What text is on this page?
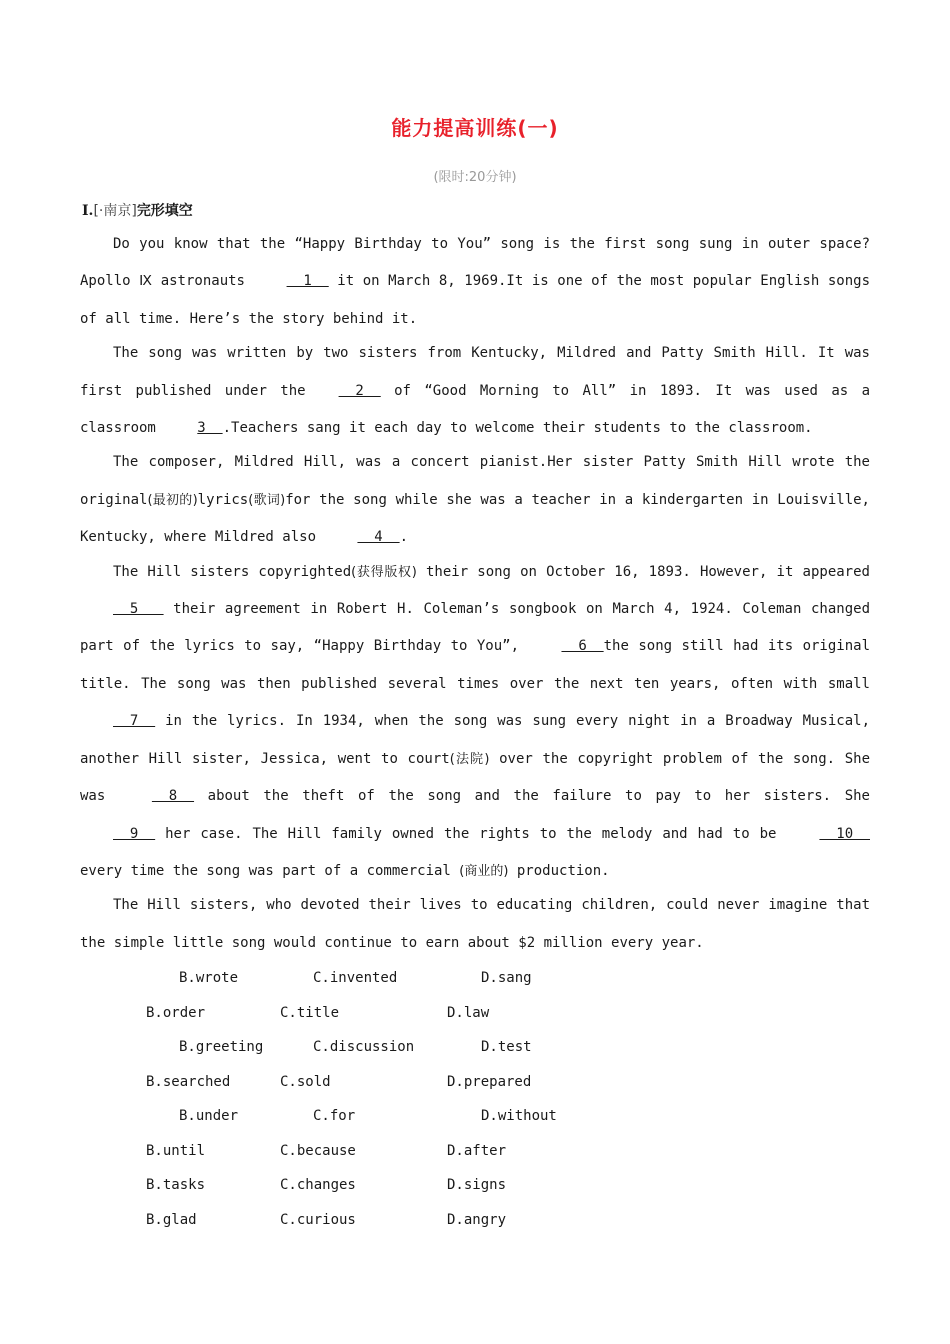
能力提高训练(一)
(限时:20分钟)
Ⅰ.[·南京]完形填空

Do you know that the “Happy Birthday to You” song is the first song sung in outer space? Apollo Ⅸ astronauts   1   it on March 8, 1969.It is one of the most popular English songs of all time. Here’s the story behind it.

The song was written by two sisters from Kentucky, Mildred and Patty Smith Hill. It was first published under the  2   of “Good Morning to All” in 1893. It was used as a classroom 3  .Teachers sang it each day to welcome their students to the classroom.

The composer, Mildred Hill, was a concert pianist.Her sister Patty Smith Hill wrote the original(最初的)lyrics(歌词)for the song while she was a teacher in a kindergarten in Louisville, Kentucky, where Mildred also   4  .

The Hill sisters copyrighted(获得版权) their song on October 16, 1893. However, it appeared   5    their agreement in Robert H. Coleman’s songbook on March 4, 1924. Coleman changed part of the lyrics to say, “Happy Birthday to You”,   6  the song still had its original title. The song was then published several times over the next ten years, often with small   7   in the lyrics. In 1934, when the song was sung every night in a Broadway Musical, another Hill sister, Jessica, went to court(法院) over the copyright problem of the song. She was   8   about the theft of the song and the failure to pay to her sisters. She   9   her case. The Hill family owned the rights to the melody and had to be   10  every time the song was part of a commercial (商业的) production.

The Hill sisters, who devoted their lives to educating children, could never imagine that the simple little song would continue to earn about $2 million every year.

B.wrote	C.invented	D.sang
B.order	C.title	D.law
B.greeting	C.discussion	D.test
B.searched	C.sold	D.prepared
B.under	C.for	D.without
B.until	C.because	D.after
B.tasks	C.changes	D.signs
B.glad	C.curious	D.angry
